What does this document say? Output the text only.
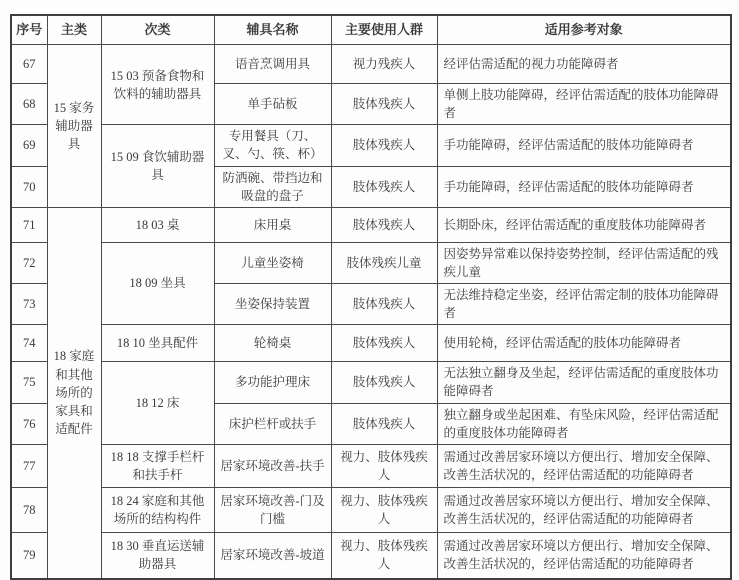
序号	主类	次类	辅具名称	主要使用人群	适用参考对象
67	15 家务辅助器具	15 03 预备食物和饮料的辅助器具	语音烹调用具	视力残疾人	经评估需适配的视力功能障碍者
68			单手砧板	肢体残疾人	单侧上肢功能障碍，经评估需适配的肢体功能障碍者
69		15 09 食饮辅助器具	专用餐具（刀、叉、勺、筷、杯）	肢体残疾人	手功能障碍，经评估需适配的肢体功能障碍者
70			防洒碗、带挡边和吸盘的盘子	肢体残疾人	手功能障碍，经评估需适配的肢体功能障碍者
71	18 家庭和其他场所的家具和适配件	18 03 桌	床用桌	肢体残疾人	长期卧床，经评估需适配的重度肢体功能障碍者
72		18 09 坐具	儿童坐姿椅	肢体残疾儿童	因姿势异常难以保持姿势控制，经评估需适配的残疾儿童
73			坐姿保持装置	肢体残疾人	无法维持稳定坐姿，经评估需定制的肢体功能障碍者
74		18 10 坐具配件	轮椅桌	肢体残疾人	使用轮椅，经评估需适配的肢体功能障碍者
75		18 12 床	多功能护理床	肢体残疾人	无法独立翻身及坐起，经评估需适配的重度肢体功能障碍者
76			床护栏杆或扶手	肢体残疾人	独立翻身或坐起困难、有坠床风险，经评估需适配的重度肢体功能障碍者
77		18 18 支撑手栏杆和扶手杆	居家环境改善-扶手	视力、肢体残疾人	需通过改善居家环境以方便出行、增加安全保障、改善生活状况的，经评估需适配的功能障碍者
78		18 24 家庭和其他场所的结构构件	居家环境改善-门及门槛	视力、肢体残疾人	需通过改善居家环境以方便出行、增加安全保障、改善生活状况的，经评估需适配的功能障碍者
79		18 30 垂直运送辅助器具	居家环境改善-坡道	视力、肢体残疾人	需通过改善居家环境以方便出行、增加安全保障、改善生活状况的，经评估需适配的功能障碍者
